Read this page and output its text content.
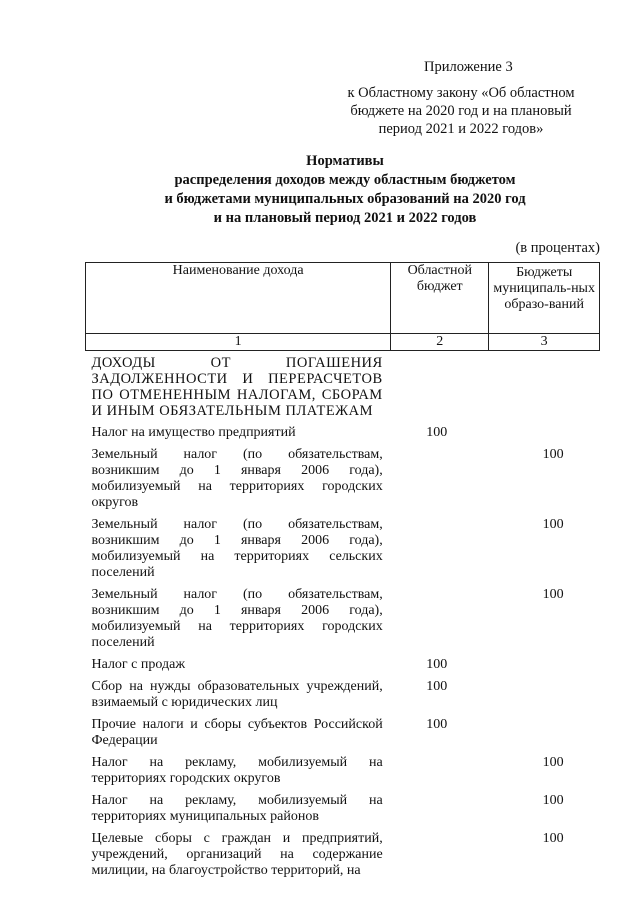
Приложение 3
к Областному закону «Об областном
бюджете на 2020 год и на плановый
период 2021 и 2022 годов»
Нормативы
распределения доходов между областным бюджетом
и бюджетами муниципальных образований на 2020 год
и на плановый период 2021 и 2022 годов
(в процентах)
Наименование дохода	Областной бюджет	Бюджеты муниципаль-ных образо-ваний
1	2	3
ДОХОДЫ ОТ ПОГАШЕНИЯ ЗАДОЛЖЕННОСТИ И ПЕРЕРАСЧЕТОВ ПО ОТМЕНЕННЫМ НАЛОГАМ, СБОРАМ И ИНЫМ ОБЯЗАТЕЛЬНЫМ ПЛАТЕЖАМ		
Налог на имущество предприятий	100	
Земельный налог (по обязательствам, возникшим до 1 января 2006 года), мобилизуемый на территориях городских округов		100
Земельный налог (по обязательствам, возникшим до 1 января 2006 года), мобилизуемый на территориях сельских поселений		100
Земельный налог (по обязательствам, возникшим до 1 января 2006 года), мобилизуемый на территориях городских поселений		100
Налог с продаж	100	
Сбор на нужды образовательных учреждений, взимаемый с юридических лиц	100	
Прочие налоги и сборы субъектов Российской Федерации	100	
Налог на рекламу, мобилизуемый на территориях городских округов		100
Налог на рекламу, мобилизуемый на территориях муниципальных районов		100
Целевые сборы с граждан и предприятий, учреждений, организаций на содержание милиции, на благоустройство территорий, на		100
